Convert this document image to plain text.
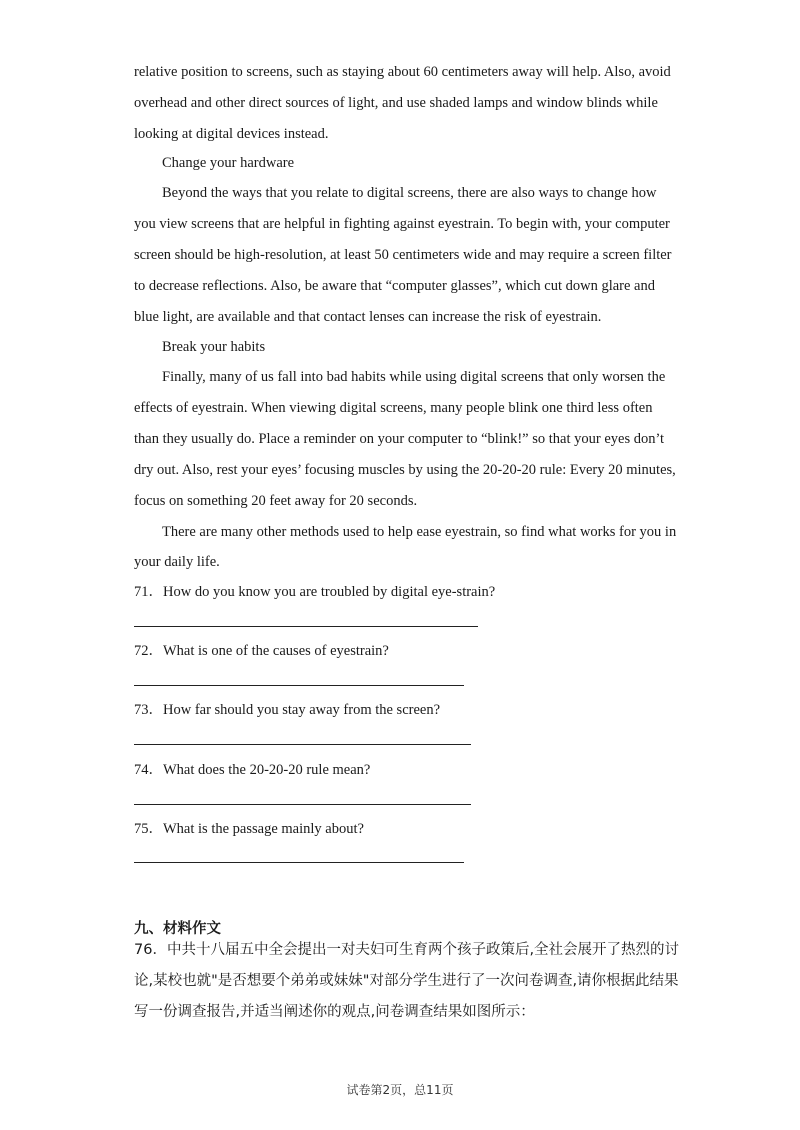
relative position to screens, such as staying about 60 centimeters away will help. Also, avoid
overhead and other direct sources of light, and use shaded lamps and window blinds while
looking at digital devices instead.
Change your hardware
Beyond the ways that you relate to digital screens, there are also ways to change how
you view screens that are helpful in fighting against eyestrain. To begin with, your computer
screen should be high-resolution, at least 50 centimeters wide and may require a screen filter
to decrease reflections. Also, be aware that “computer glasses”, which cut down glare and
blue light, are available and that contact lenses can increase the risk of eyestrain.
Break your habits
Finally, many of us fall into bad habits while using digital screens that only worsen the
effects of eyestrain. When viewing digital screens, many people blink one third less often
than they usually do. Place a reminder on your computer to “blink!” so that your eyes don’t
dry out. Also, rest your eyes’ focusing muscles by using the 20-20-20 rule: Every 20 minutes,
focus on something 20 feet away for 20 seconds.
There are many other methods used to help ease eyestrain, so find what works for you in
your daily life.
71．How do you know you are troubled by digital eye-strain?
72．What is one of the causes of eyestrain?
73．How far should you stay away from the screen?
74．What does the 20-20-20 rule mean?
75．What is the passage mainly about?
九、材料作文
76．中共十八届五中全会提出一对夫妇可生育两个孩子政策后,全社会展开了热烈的讨
论,某校也就"是否想要个弟弟或妹妹"对部分学生进行了一次问卷调查,请你根据此结果
写一份调查报告,并适当阐述你的观点,问卷调查结果如图所示：
试卷第2页，总11页
